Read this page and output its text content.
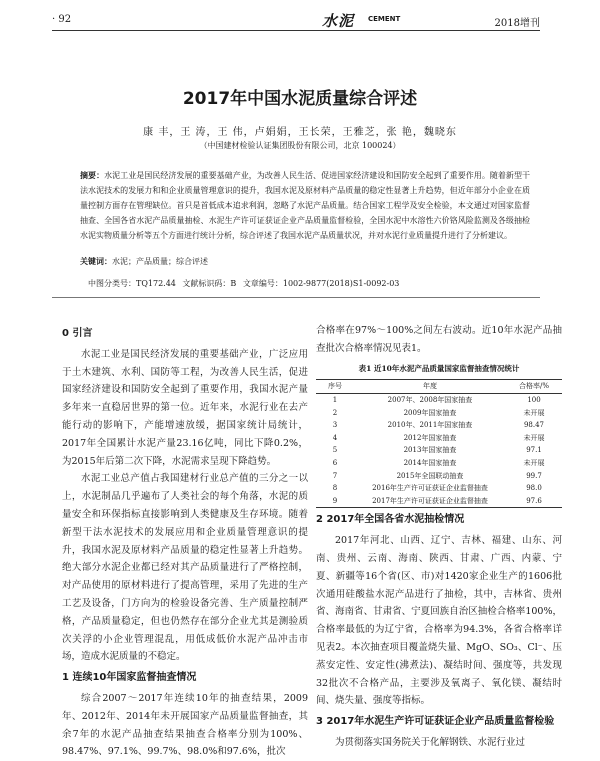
· 92	水泥 CEMENT	2018增刊
2017年中国水泥质量综合评述
康 丰，王 涛，王 伟，卢娟娟，王长荣，王雅芝，张 艳，魏晓东
（中国建材检验认证集团股份有限公司，北京 100024）
摘要：水泥工业是国民经济发展的重要基础产业，为改善人民生活、促进国家经济建设和国防安全起到了重要作用。随着新型干法水泥技术的发展力和和企业质量管理意识的提升，我国水泥及原材料产品质量的稳定性显著上升趋势，但近年部分小企业在质量控制方面存在管理缺位。首只是首低成本追求利润，忽略了水泥产品质量。结合国家工程学及安全检验，本文通过对国家监督抽查、全国各省水泥产品质量抽检、水泥生产许可证获证企业产品质量监督检验，全国水泥中水溶性六价铬风险监测及各级抽检水泥实物质量分析等五个方面进行统计分析，综合评述了我国水泥产品质量状况，并对水泥行业质量提升进行了分析建议。
关键词：水泥；产品质量；综合评述
中图分类号：TQ172.44 文献标识码：B 文章编号：1002-9877(2018)S1-0092-03
0 引言

水泥工业是国民经济发展的重要基础产业，广泛应用于土木建筑、水利、国防等工程，为改善人民生活，促进国家经济建设和国防安全起到了重要作用，我国水泥产量多年来一直稳居世界的第一位。近年来，水泥行业在去产能行动的影响下，产能增速放缓，据国家统计局统计，2017年全国累计水泥产量23.16亿吨，同比下降0.2%，为2015年后第二次下降，水泥需求呈现下降趋势。

水泥工业总产值占我国建材行业总产值的三分之一以上，水泥制品几乎遍布了人类社会的每个角落，水泥的质量安全和环保指标直接影响到人类健康及生存环境。随着新型干法水泥技术的发展应用和企业质量管理意识的提升，我国水泥及原材料产品质量的稳定性显著上升趋势。绝大部分水泥企业都已经对其产品质量进行了严格控制，对产品使用的原材料进行了提高管理，采用了先进的生产工艺及设备，门方向为的检验设备完善、生产质量控制严格，产品质量稳定，但也仍然存在部分企业尤其是测验质次关浮的小企业管理混乱，用低成低价水泥产品冲击市场，造成水泥质量的不稳定。

1 连续10年国家监督抽查情况

综合2007～2017年连续10年的抽查结果，2009年、2012年、2014年未开展国家产品质量监督抽查，其余7年的水泥产品抽查结果抽查合格率分别为100%、98.47%、97.1%、99.7%、98.0%和97.6%，批次

合格率在97%～100%之间左右波动。近10年水泥产品抽查批次合格率情况见表1。

表1 近10年水泥产品质量国家监督抽查情况统计
序号	年度	合格率/%
1	2007年、2008年国家抽查	100
2	2009年国家抽查	未开展
3	2010年、2011年国家抽查	98.47
4	2012年国家抽查	未开展
5	2013年国家抽查	97.1
6	2014年国家抽查	未开展
7	2015年全国联动抽查	99.7
8	2016年生产许可证获证企业监督抽查	98.0
9	2017年生产许可证获证企业监督抽查	97.6
2 2017年全国各省水泥抽检情况

2017年河北、山西、辽宁、吉林、福建、山东、河南、贵州、云南、海南、陕西、甘肃、广西、内蒙、宁夏、新疆等16个省(区、市)对1420家企业生产的1606批次通用硅酸盐水泥产品进行了抽检，其中，吉林省、贵州省、海南省、甘肃省、宁夏回族自治区抽检合格率100%，合格率最低的为辽宁省，合格率为94.3%，各省合格率详见表2。本次抽查项目覆盖烧失量、MgO、SO₃、Cl⁻、压蒸安定性、安定性(沸煮法)、凝结时间、强度等，共发现32批次不合格产品，主要涉及氧离子、氧化镁、凝结时间、烧失量、强度等指标。

3 2017年水泥生产许可证获证企业产品质量监督检验

为贯彻落实国务院关于化解钢铁、水泥行业过
